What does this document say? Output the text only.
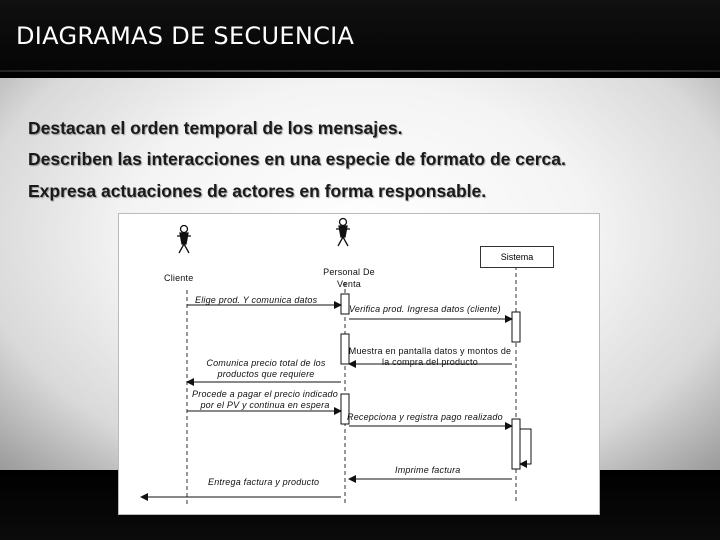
DIAGRAMAS DE SECUENCIA
Destacan el orden temporal de los mensajes.
Describen las interacciones en una especie de formato de cerca.
Expresa actuaciones de actores en forma responsable.
Cliente
Personal De Venta
Sistema
Elige prod. Y comunica datos
Verifica prod. Ingresa datos (cliente)
Muestra en pantalla datos y montos de la compra del producto
Comunica precio total de los productos que requiere
Procede a pagar el precio indicado por el PV y continua en espera
Recepciona y registra pago realizado
Imprime factura
Entrega factura y producto
